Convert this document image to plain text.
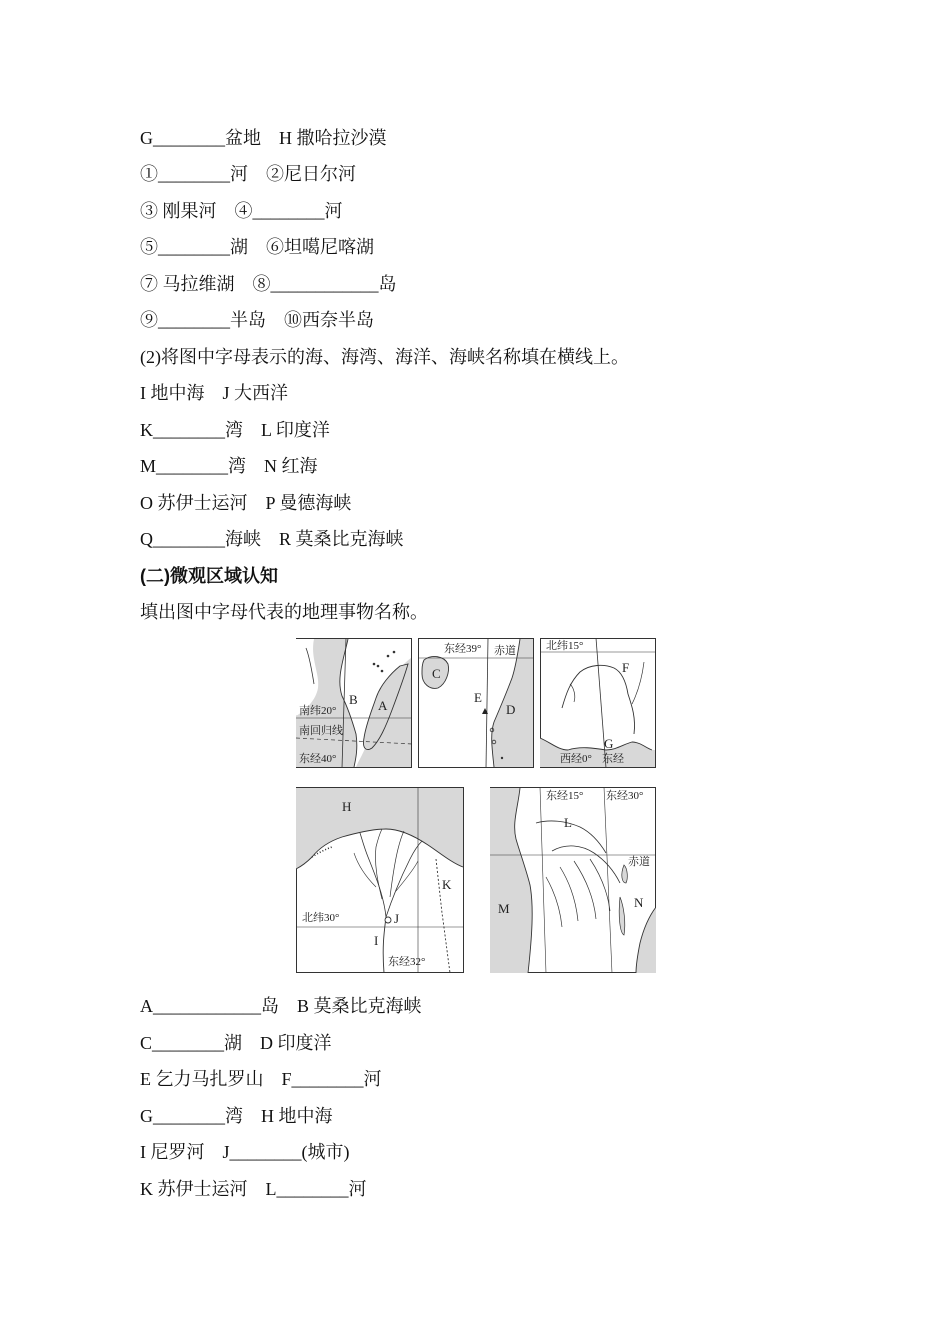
G________盆地    H 撒哈拉沙漠
①________河    ②尼日尔河
③ 刚果河    ④________河
⑤________湖    ⑥坦噶尼喀湖
⑦ 马拉维湖    ⑧____________岛
⑨________半岛    ⑩西奈半岛
(2)将图中字母表示的海、海湾、海洋、海峡名称填在横线上。
I 地中海    J 大西洋
K________湾    L 印度洋
M________湾    N 红海
O 苏伊士运河    P 曼德海峡
Q________海峡    R 莫桑比克海峡
(二)微观区域认知
填出图中字母代表的地理事物名称。
B A
南纬20°
南回归线
东经40°
东经39° 赤道
C
E
D
北纬15°
F
G
西经0° 东经
H
K
北纬30°	J
I
东经32°
东经15° 东经30°
L
赤道
M	N
A____________岛    B 莫桑比克海峡
C________湖    D 印度洋
E 乞力马扎罗山    F________河
G________湾    H 地中海
I 尼罗河    J________(城市)
K 苏伊士运河    L________河
